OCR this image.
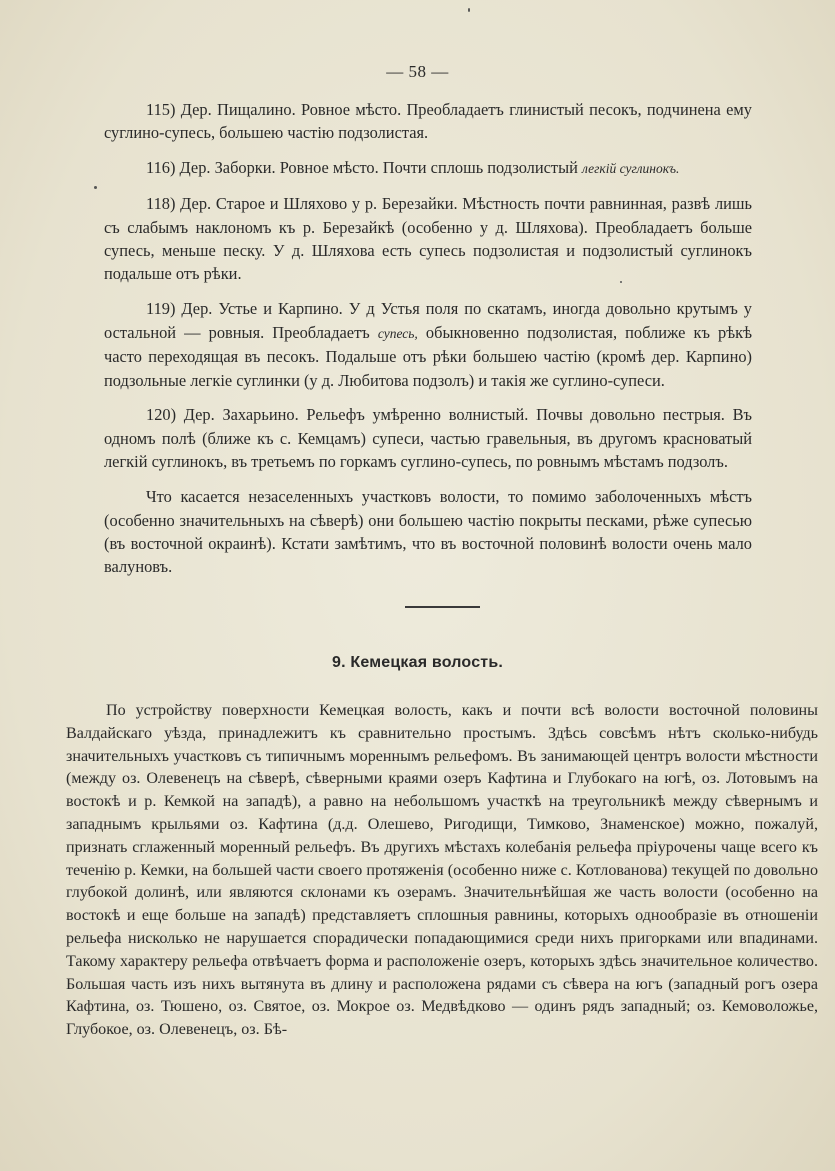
— 58 —

115) Дер. Пищалино. Ровное мѣсто. Преобладаетъ глинистый песокъ, подчинена ему суглино-супесь, большею частію подзолистая.

116) Дер. Заборки. Ровное мѣсто. Почти сплошь подзолистый легкій суглинокъ.

118) Дер. Старое и Шляхово у р. Березайки. Мѣстность почти равнинная, развѣ лишь съ слабымъ наклономъ къ р. Березайкѣ (особенно у д. Шляхова). Преобладаетъ больше супесь, меньше песку. У д. Шляхова есть супесь подзолистая и подзолистый суглинокъ подальше отъ рѣки.

119) Дер. Устье и Карпино. У д Устья поля по скатамъ, иногда довольно крутымъ у остальной — ровныя. Преобладаетъ супесь, обыкновенно подзолистая, поближе къ рѣкѣ часто переходящая въ песокъ. Подальше отъ рѣки большею частію (кромѣ дер. Карпино) подзольные легкіе суглинки (у д. Любитова подзолъ) и такія же суглино-супеси.

120) Дер. Захарьино. Рельефъ умѣренно волнистый. Почвы довольно пестрыя. Въ одномъ полѣ (ближе къ с. Кемцамъ) супеси, частью гравельныя, въ другомъ красноватый легкій суглинокъ, въ третьемъ по горкамъ суглино-супесь, по ровнымъ мѣстамъ подзолъ.

Что касается незаселенныхъ участковъ волости, то помимо заболоченныхъ мѣстъ (особенно значительныхъ на сѣверѣ) они большею частію покрыты песками, рѣже супесью (въ восточной окраинѣ). Кстати замѣтимъ, что въ восточной половинѣ волости очень мало валуновъ.

9. Кемецкая волость.

По устройству поверхности Кемецкая волость, какъ и почти всѣ волости восточной половины Валдайскаго уѣзда, принадлежитъ къ сравнительно простымъ. Здѣсь совсѣмъ нѣтъ сколько-нибудь значительныхъ участковъ съ типичнымъ мореннымъ рельефомъ. Въ занимающей центръ волости мѣстности (между оз. Олевенецъ на сѣверѣ, сѣверными краями озеръ Кафтина и Глубокаго на югѣ, оз. Лотовымъ на востокѣ и р. Кемкой на западѣ), а равно на небольшомъ участкѣ на треугольникѣ между сѣвернымъ и западнымъ крыльями оз. Кафтина (д.д. Олешево, Ригодищи, Тимково, Знаменское) можно, пожалуй, признать сглаженный моренный рельефъ. Въ другихъ мѣстахъ колебанія рельефа пріурочены чаще всего къ теченію р. Кемки, на большей части своего протяженія (особенно ниже с. Котлованова) текущей по довольно глубокой долинѣ, или являются склонами къ озерамъ. Значительнѣйшая же часть волости (особенно на востокѣ и еще больше на западѣ) представляетъ сплошныя равнины, которыхъ однообразіе въ отношеніи рельефа нисколько не нарушается спорадически попадающимися среди нихъ пригорками или впадинами. Такому характеру рельефа отвѣчаетъ форма и расположеніе озеръ, которыхъ здѣсь значительное количество. Большая часть изъ нихъ вытянута въ длину и расположена рядами съ сѣвера на югъ (западный рогъ озера Кафтина, оз. Тюшено, оз. Святое, оз. Мокрое оз. Медвѣдково — одинъ рядъ западный; оз. Кемоволожье, Глубокое, оз. Олевенецъ, оз. Бѣ-
